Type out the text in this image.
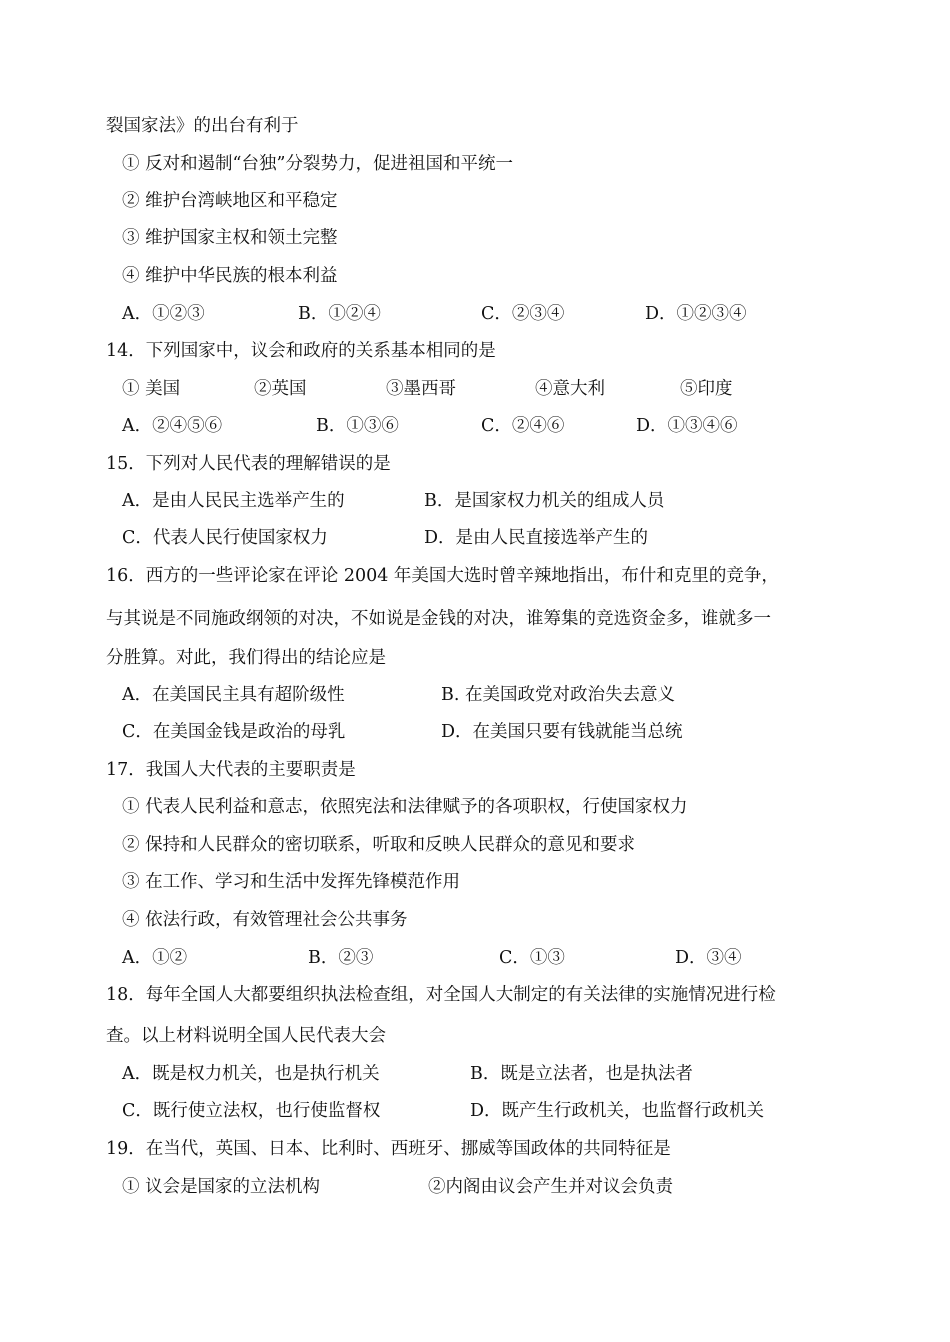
裂国家法》的出台有利于
① 反对和遏制“台独”分裂势力，促进祖国和平统一
② 维护台湾峡地区和平稳定
③ 维护国家主权和领土完整
④ 维护中华民族的根本利益
A．①②③	B．①②④	C．②③④	D．①②③④
14．下列国家中，议会和政府的关系基本相同的是
① 美国	②英国	③墨西哥	④意大利	⑤印度
A．②④⑤⑥	B．①③⑥	C．②④⑥	D．①③④⑥
15．下列对人民代表的理解错误的是
A．是由人民民主选举产生的	B．是国家权力机关的组成人员
C．代表人民行使国家权力	D．是由人民直接选举产生的
16．西方的一些评论家在评论 2004 年美国大选时曾辛辣地指出，布什和克里的竞争，
与其说是不同施政纲领的对决，不如说是金钱的对决，谁筹集的竞选资金多，谁就多一
分胜算。对此，我们得出的结论应是
A．在美国民主具有超阶级性	B. 在美国政党对政治失去意义
C．在美国金钱是政治的母乳	D．在美国只要有钱就能当总统
17．我国人大代表的主要职责是
① 代表人民利益和意志，依照宪法和法律赋予的各项职权，行使国家权力
② 保持和人民群众的密切联系，听取和反映人民群众的意见和要求
③ 在工作、学习和生活中发挥先锋模范作用
④ 依法行政，有效管理社会公共事务
A．①②	B．②③	C．①③	D．③④
18．每年全国人大都要组织执法检查组，对全国人大制定的有关法律的实施情况进行检
查。以上材料说明全国人民代表大会
A．既是权力机关，也是执行机关	B．既是立法者，也是执法者
C．既行使立法权，也行使监督权	D．既产生行政机关，也监督行政机关
19．在当代，英国、日本、比利时、西班牙、挪威等国政体的共同特征是
① 议会是国家的立法机构	②内阁由议会产生并对议会负责
